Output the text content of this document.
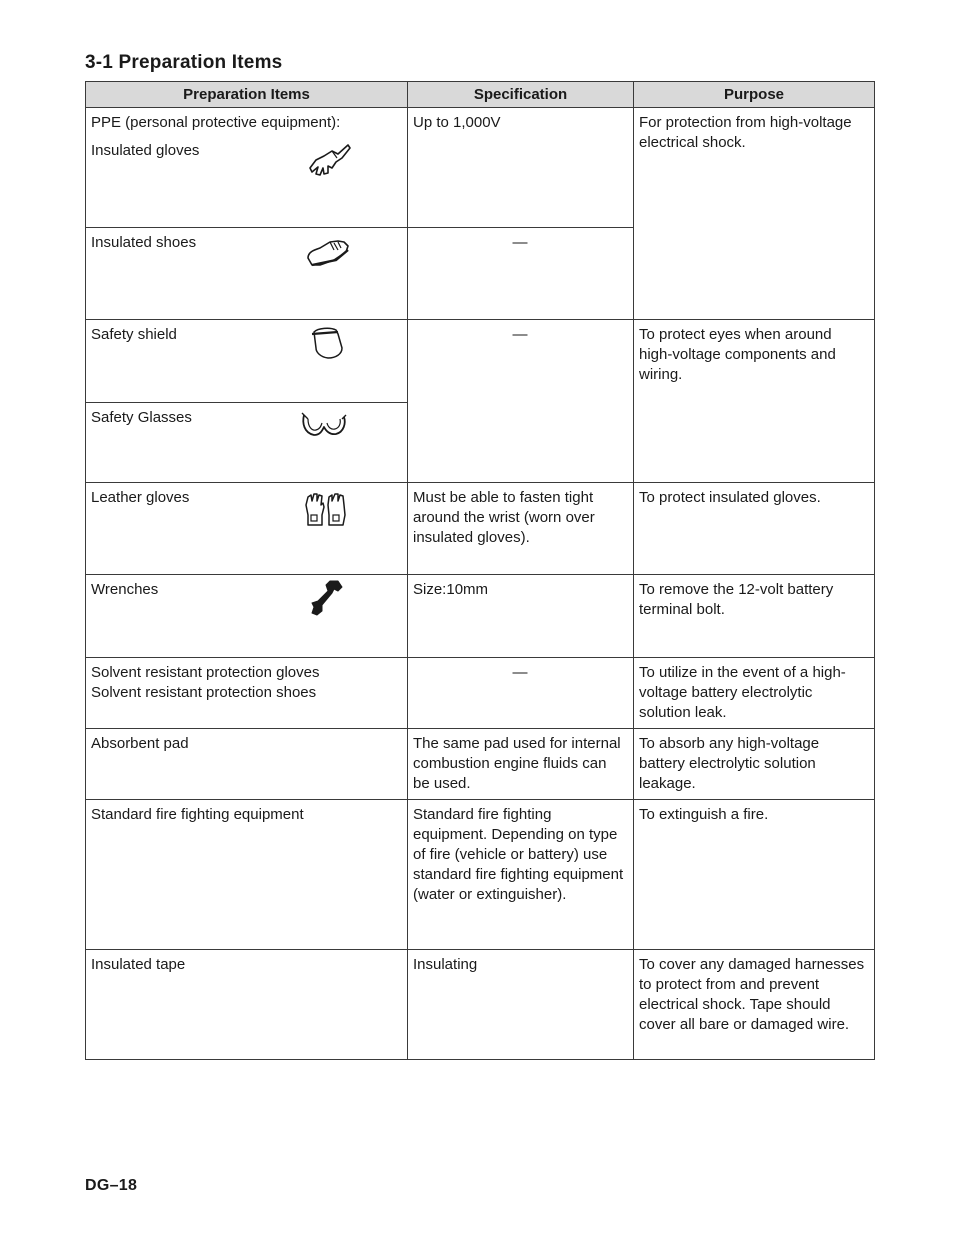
3-1 Preparation Items
Preparation Items	Specification	Purpose

PPE (personal protective equipment):
Insulated gloves	Up to 1,000V	For protection from high-voltage electrical shock.

Insulated shoes	—	

Safety shield	—	To protect eyes when around high-voltage components and wiring.

Safety Glasses		

Leather gloves	Must be able to fasten tight around the wrist (worn over insulated gloves).	To protect insulated gloves.

Wrenches	Size:10mm	To remove the 12-volt battery terminal bolt.

Solvent resistant protection gloves
Solvent resistant protection shoes	—	To utilize in the event of a high-voltage battery electrolytic solution leak.

Absorbent pad	The same pad used for internal combustion engine fluids can be used.	To absorb any high-voltage battery electrolytic solution leakage.

Standard fire fighting equipment	Standard fire fighting equipment. Depending on type of fire (vehicle or battery) use standard fire fighting equipment (water or extinguisher).	To extinguish a fire.

Insulated tape	Insulating	To cover any damaged harnesses to protect from and prevent electrical shock. Tape should cover all bare or damaged wire.
DG–18
